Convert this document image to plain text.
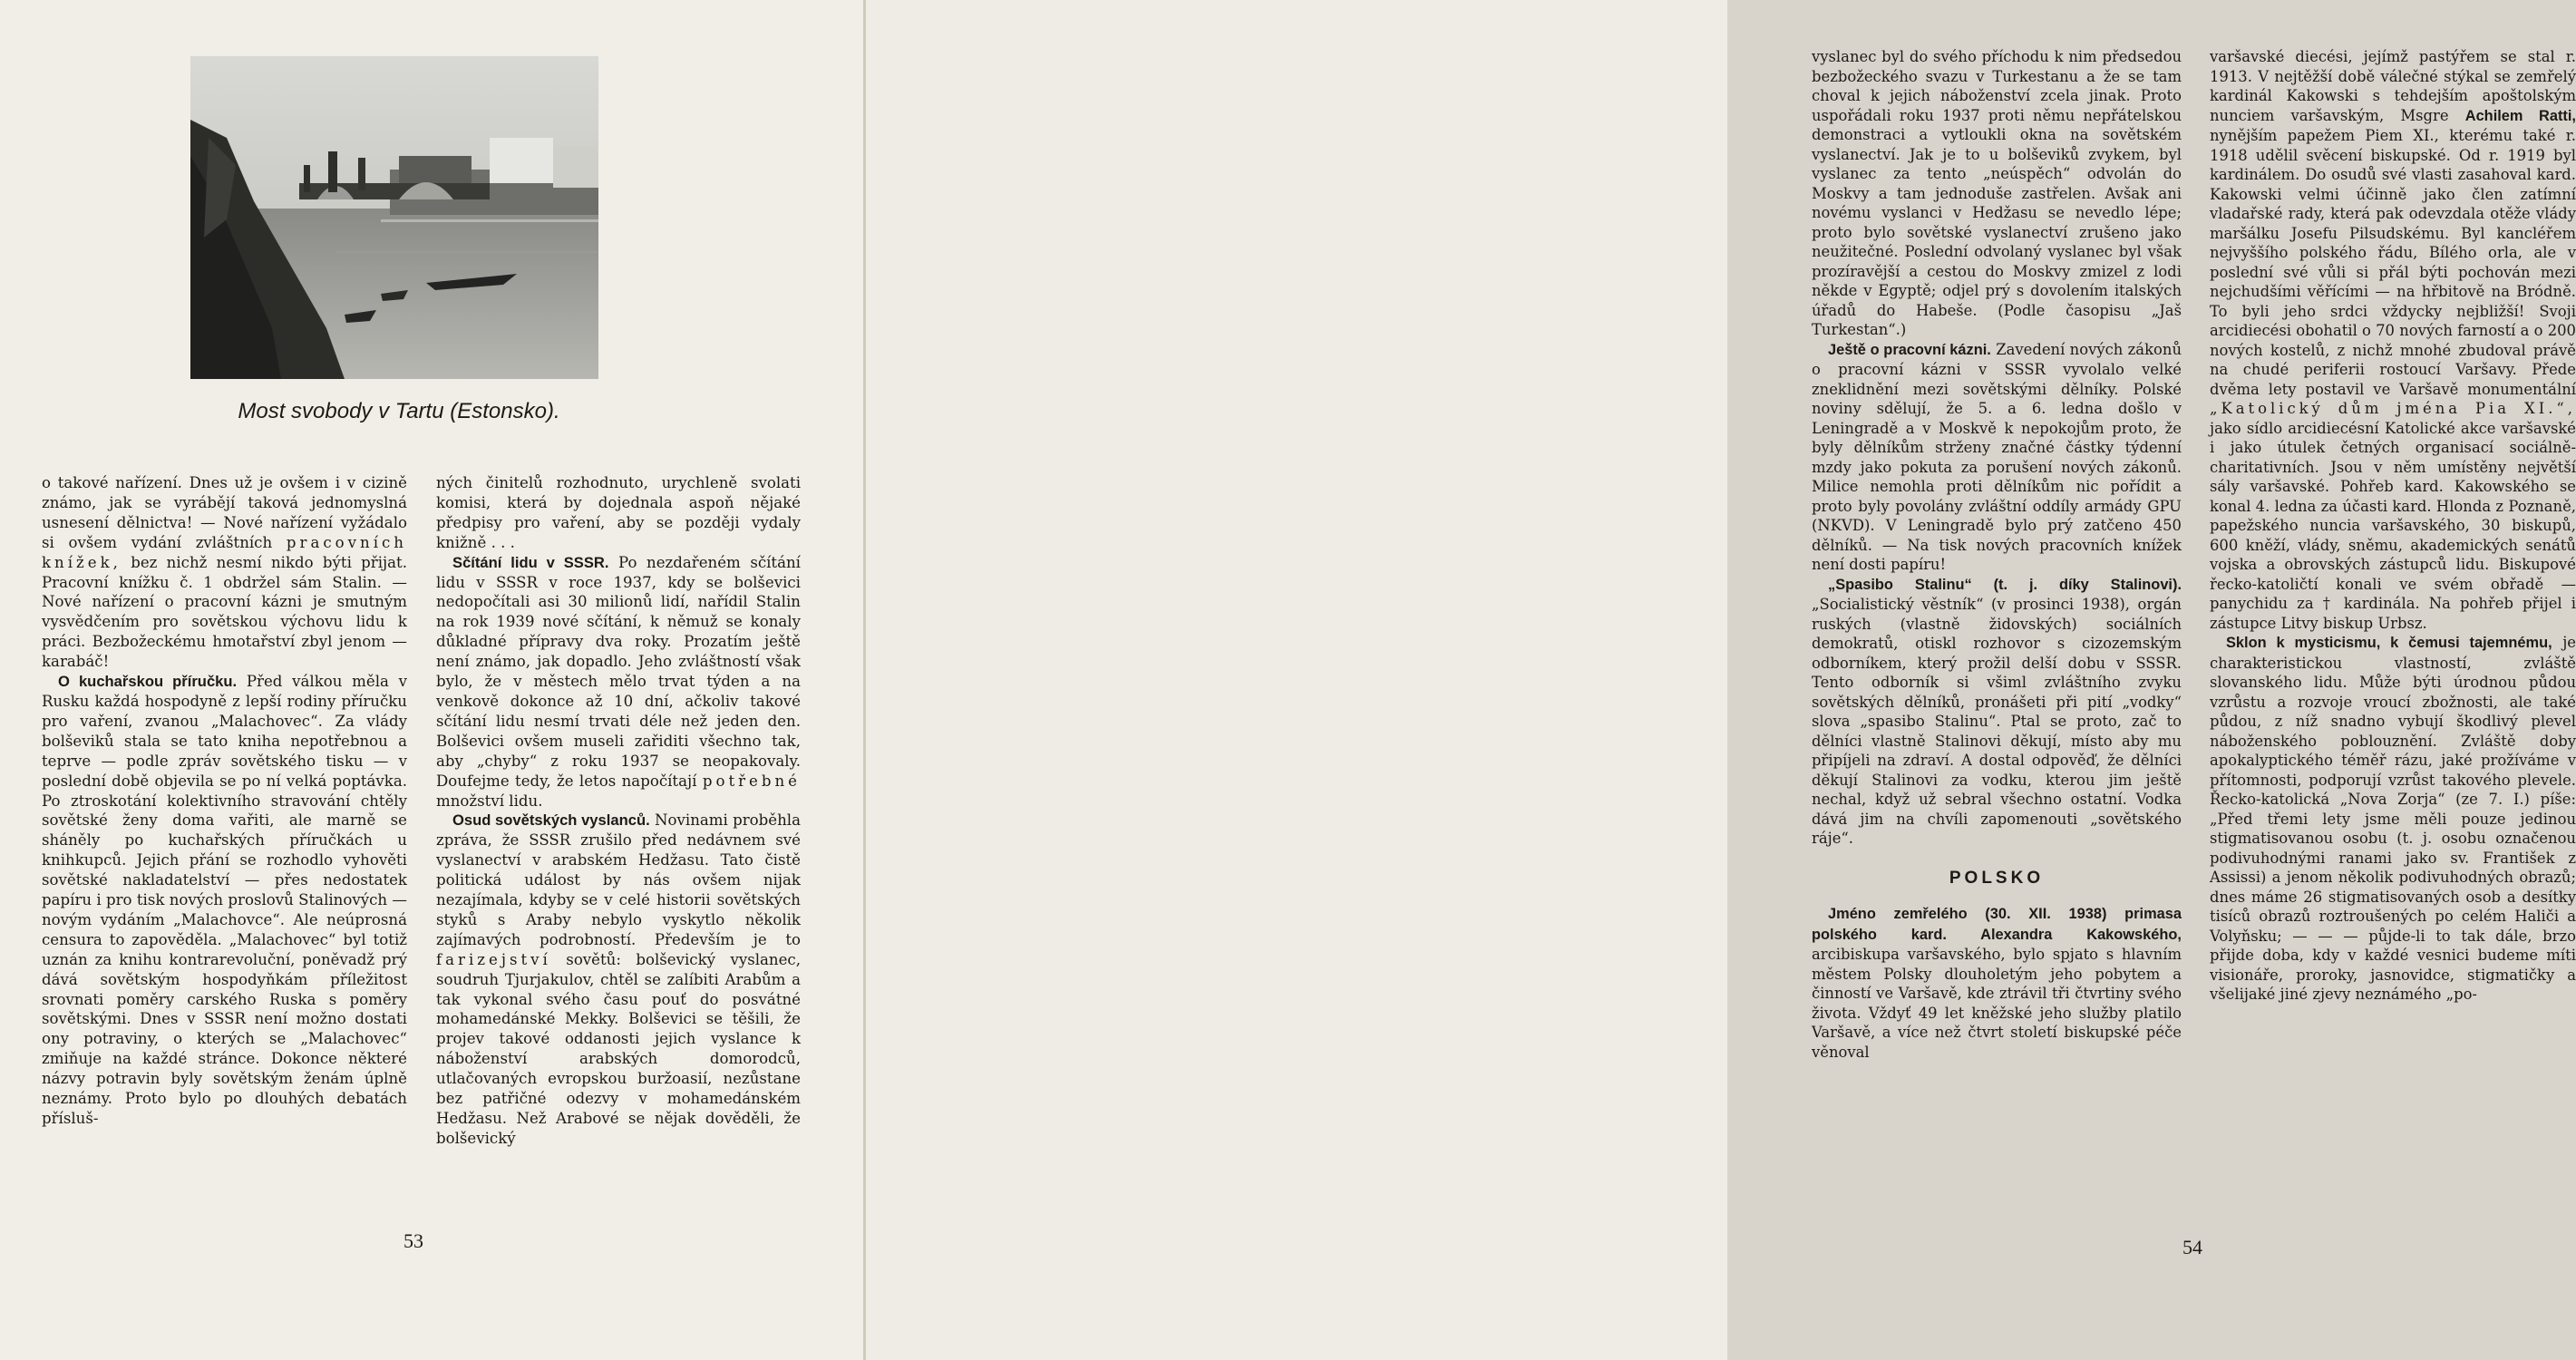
Most svobody v Tartu (Estonsko).

o takové nařízení. Dnes už je ovšem i v cizině známo, jak se vyrábějí taková jednomyslná usnesení dělnictva! — Nové nařízení vyžádalo si ovšem vydání zvláštních pracovních knížek, bez nichž nesmí nikdo býti přijat. Pracovní knížku č. 1 obdržel sám Stalin. — Nové nařízení o pracovní kázni je smutným vysvědčením pro sovětskou výchovu lidu k práci. Bezbožeckému hmotařství zbyl jenom — karabáč!

O kuchařskou příručku. Před válkou měla v Rusku každá hospodyně z lepší rodiny příručku pro vaření, zvanou „Malachovec“. Za vlády bolševiků stala se tato kniha nepotřebnou a teprve — podle zpráv sovětského tisku — v poslední době objevila se po ní velká poptávka. Po ztroskotání kolektivního stravování chtěly sovětské ženy doma vařiti, ale marně se sháněly po kuchařských příručkách u knihkupců. Jejich přání se rozhodlo vyhověti sovětské nakladatelství — přes nedostatek papíru i pro tisk nových proslovů Stalinových — novým vydáním „Malachovce“. Ale neúprosná censura to zapověděla. „Malachovec“ byl totiž uznán za knihu kontrarevoluční, poněvadž prý dává sovětským hospodyňkám příležitost srovnati poměry carského Ruska s poměry sovětskými. Dnes v SSSR není možno dostati ony potraviny, o kterých se „Malachovec“ zmiňuje na každé stránce. Dokonce některé názvy potravin byly sovětským ženám úplně neznámy. Proto bylo po dlouhých debatách přísluš-

ných činitelů rozhodnuto, urychleně svolati komisi, která by dojednala aspoň nějaké předpisy pro vaření, aby se později vydaly knižně . . .

Sčítání lidu v SSSR. Po nezdařeném sčítání lidu v SSSR v roce 1937, kdy se bolševici nedopočítali asi 30 milionů lidí, nařídil Stalin na rok 1939 nové sčítání, k němuž se konaly důkladné přípravy dva roky. Prozatím ještě není známo, jak dopadlo. Jeho zvláštností však bylo, že v městech mělo trvat týden a na venkově dokonce až 10 dní, ačkoliv takové sčítání lidu nesmí trvati déle než jeden den. Bolševici ovšem museli zařiditi všechno tak, aby „chyby“ z roku 1937 se neopakovaly. Doufejme tedy, že letos napočítají potřebné množství lidu.

Osud sovětských vyslanců. Novinami proběhla zpráva, že SSSR zrušilo před nedávnem své vyslanectví v arabském Hedžasu. Tato čistě politická událost by nás ovšem nijak nezajímala, kdyby se v celé historii sovětských styků s Araby nebylo vyskytlo několik zajímavých podrobností. Především je to farizejství sovětů: bolševický vyslanec, soudruh Tjurjakulov, chtěl se zalíbiti Arabům a tak vykonal svého času pouť do posvátné mohamedánské Mekky. Bolševici se těšili, že projev takové oddanosti jejich vyslance k náboženství arabských domorodců, utlačovaných evropskou buržoasií, nezůstane bez patřičné odezvy v mohamedánském Hedžasu. Než Arabové se nějak dověděli, že bolševický

53

vyslanec byl do svého příchodu k nim předsedou bezbožeckého svazu v Turkestanu a že se tam choval k jejich náboženství zcela jinak. Proto uspořádali roku 1937 proti němu nepřátelskou demonstraci a vytloukli okna na sovětském vyslanectví. Jak je to u bolševiků zvykem, byl vyslanec za tento „neúspěch“ odvolán do Moskvy a tam jednoduše zastřelen. Avšak ani novému vyslanci v Hedžasu se nevedlo lépe; proto bylo sovětské vyslanectví zrušeno jako neužitečné. Poslední odvolaný vyslanec byl však prozíravější a cestou do Moskvy zmizel z lodi někde v Egyptě; odjel prý s dovolením italských úřadů do Habeše. (Podle časopisu „Jaš Turkestan“.)

Ještě o pracovní kázni. Zavedení nových zákonů o pracovní kázni v SSSR vyvolalo velké zneklidnění mezi sovětskými dělníky. Polské noviny sdělují, že 5. a 6. ledna došlo v Leningradě a v Moskvě k nepokojům proto, že byly dělníkům strženy značné částky týdenní mzdy jako pokuta za porušení nových zákonů. Milice nemohla proti dělníkům nic pořídit a proto byly povolány zvláštní oddíly armády GPU (NKVD). V Leningradě bylo prý zatčeno 450 dělníků. — Na tisk nových pracovních knížek není dosti papíru!

„Spasibo Stalinu“ (t. j. díky Stalinovi). „Socialistický věstník“ (v prosinci 1938), orgán ruských (vlastně židovských) sociálních demokratů, otiskl rozhovor s cizozemským odborníkem, který prožil delší dobu v SSSR. Tento odborník si všiml zvláštního zvyku sovětských dělníků, pronášeti při pití „vodky“ slova „spasibo Stalinu“. Ptal se proto, zač to dělníci vlastně Stalinovi děkují, místo aby mu připíjeli na zdraví. A dostal odpověď, že dělníci děkují Stalinovi za vodku, kterou jim ještě nechal, když už sebral všechno ostatní. Vodka dává jim na chvíli zapomenouti „sovětského ráje“.

POLSKO

Jméno zemřelého (30. XII. 1938) primasa polského kard. Alexandra Kakowského, arcibiskupa varšavského, bylo spjato s hlavním městem Polsky dlouholetým jeho pobytem a činností ve Varšavě, kde ztrávil tři čtvrtiny svého života. Vždyť 49 let kněžské jeho služby platilo Varšavě, a více než čtvrt století biskupské péče věnoval

varšavské diecési, jejímž pastýřem se stal r. 1913. V nejtěžší době válečné stýkal se zemřelý kardinál Kakowski s tehdejším apoštolským nunciem varšavským, Msgre Achilem Ratti, nynějším papežem Piem XI., kterému také r. 1918 udělil svěcení biskupské. Od r. 1919 byl kardinálem. Do osudů své vlasti zasahoval kard. Kakowski velmi účinně jako člen zatímní vladařské rady, která pak odevzdala otěže vlády maršálku Josefu Pilsudskému. Byl kancléřem nejvyššího polského řádu, Bílého orla, ale v poslední své vůli si přál býti pochován mezi nejchudšími věřícími — na hřbitově na Bródně. To byli jeho srdci vždycky nejbližší! Svoji arcidiecési obohatil o 70 nových farností a o 200 nových kostelů, z nichž mnohé zbudoval právě na chudé periferii rostoucí Varšavy. Přede dvěma lety postavil ve Varšavě monumentální „Katolický dům jména Pia XI.“, jako sídlo arcidiecésní Katolické akce varšavské i jako útulek četných organisací sociálně-charitativních. Jsou v něm umístěny největší sály varšavské. Pohřeb kard. Kakowského se konal 4. ledna za účasti kard. Hlonda z Poznaně, papežského nuncia varšavského, 30 biskupů, 600 kněží, vlády, sněmu, akademických senátů vojska a obrovských zástupců lidu. Biskupové řecko-katoličtí konali ve svém obřadě — panychidu za † kardinála. Na pohřeb přijel i zástupce Litvy biskup Urbsz.

Sklon k mysticismu, k čemusi tajemnému, je charakteristickou vlastností, zvláště slovanského lidu. Může býti úrodnou půdou vzrůstu a rozvoje vroucí zbožnosti, ale také půdou, z níž snadno vybují škodlivý plevel náboženského poblouznění. Zvláště doby apokalyptického téměř rázu, jaké prožíváme v přítomnosti, podporují vzrůst takového plevele. Řecko-katolická „Nova Zorja“ (ze 7. I.) píše: „Před třemi lety jsme měli pouze jedinou stigmatisovanou osobu (t. j. osobu označenou podivuhodnými ranami jako sv. František z Assissi) a jenom několik podivuhodných obrazů; dnes máme 26 stigmatisovaných osob a desítky tisíců obrazů roztroušených po celém Haliči a Volyňsku; — — — půjde-li to tak dále, brzo přijde doba, kdy v každé vesnici budeme míti visionáře, proroky, jasnovidce, stigmatičky a všelijaké jiné zjevy neznámého „po-

54
